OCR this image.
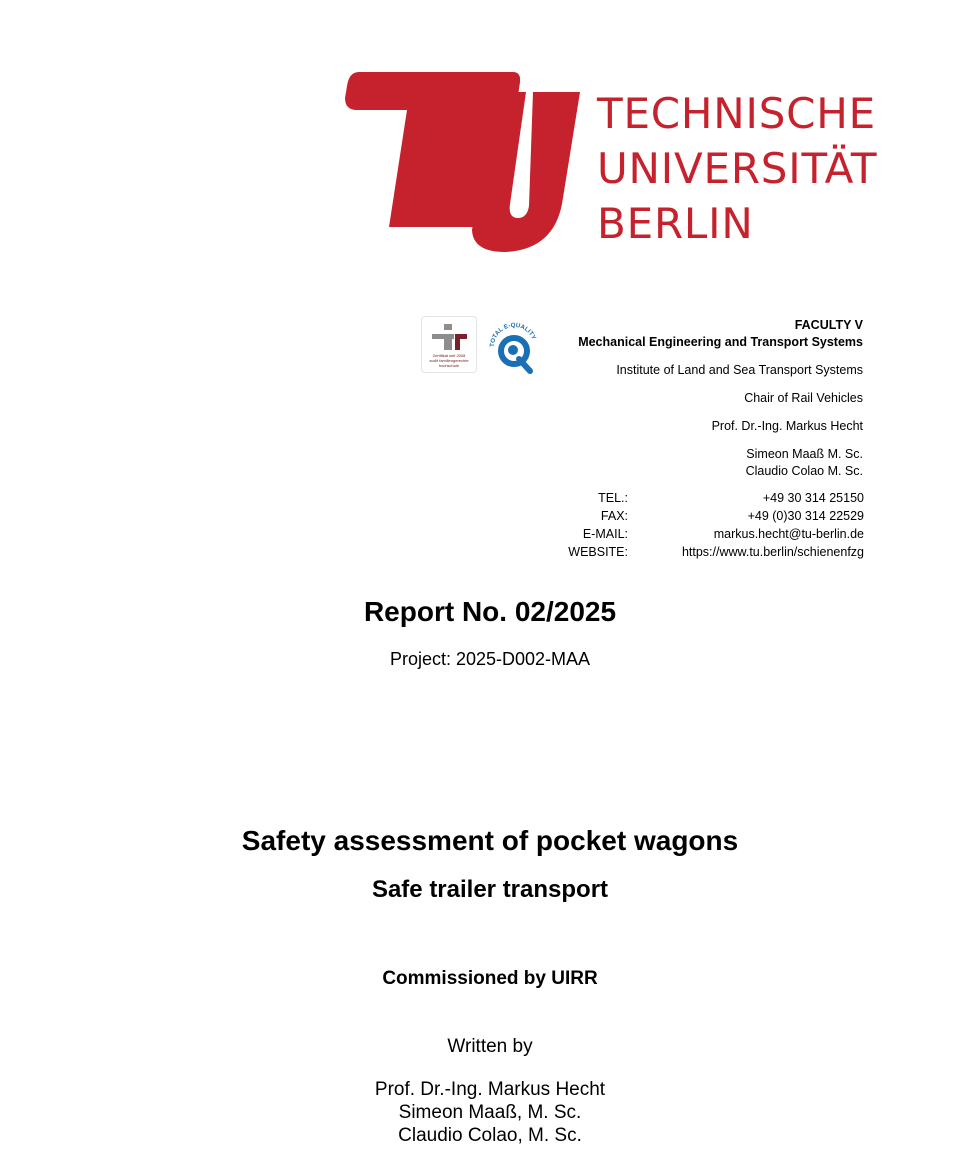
TECHNISCHE
UNIVERSITÄT
BERLIN
Zertifikat seit 2008
audit familiengerechte
hochschule
TOTAL E-QUALITY
FACULTY V
Mechanical Engineering and Transport Systems
Institute of Land and Sea Transport Systems
Chair of Rail Vehicles
Prof. Dr.-Ing. Markus Hecht
Simeon Maaß M. Sc.
Claudio Colao M. Sc.
TEL.:	+49 30 314 25150
FAX:	+49 (0)30 314 22529
E-MAIL:	markus.hecht@tu-berlin.de
WEBSITE:	https://www.tu.berlin/schienenfzg
Report No. 02/2025
Project: 2025-D002-MAA
Safety assessment of pocket wagons
Safe trailer transport
Commissioned by UIRR
Written by
Prof. Dr.-Ing. Markus Hecht
Simeon Maaß, M. Sc.
Claudio Colao, M. Sc.
